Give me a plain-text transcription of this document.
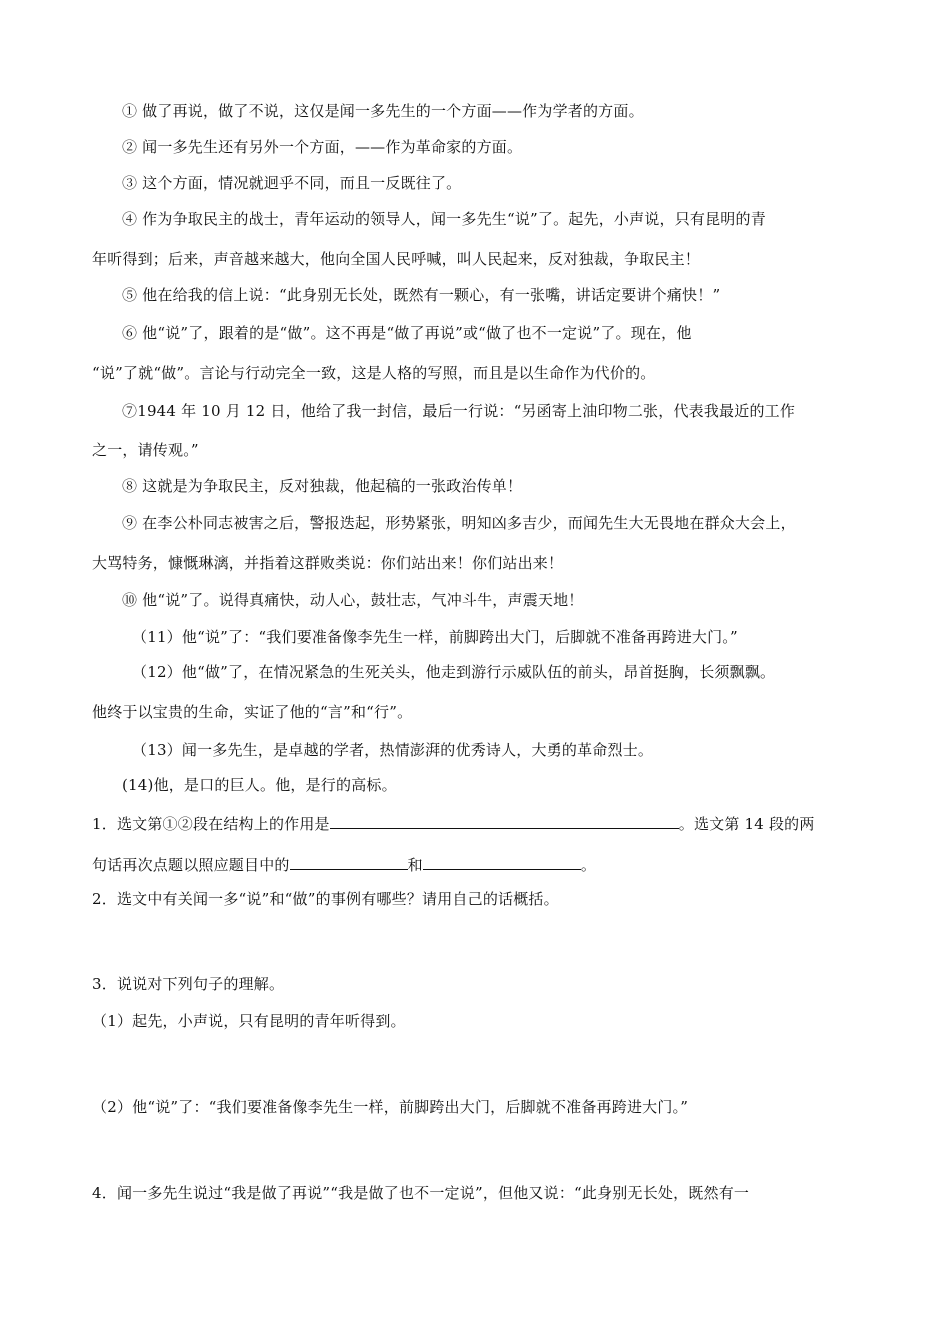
① 做了再说，做了不说，这仅是闻一多先生的一个方面——作为学者的方面。
② 闻一多先生还有另外一个方面，——作为革命家的方面。
③ 这个方面，情况就迥乎不同，而且一反既往了。
④ 作为争取民主的战士，青年运动的领导人，闻一多先生“说”了。起先，小声说，只有昆明的青
年听得到；后来，声音越来越大，他向全国人民呼喊，叫人民起来，反对独裁，争取民主！
⑤ 他在给我的信上说：“此身别无长处，既然有一颗心，有一张嘴，讲话定要讲个痛快！”
⑥ 他“说”了，跟着的是“做”。这不再是“做了再说”或“做了也不一定说”了。现在，他
“说”了就“做”。言论与行动完全一致，这是人格的写照，而且是以生命作为代价的。
⑦1944 年 10 月 12 日，他给了我一封信，最后一行说：“另函寄上油印物二张，代表我最近的工作
之一，请传观。”
⑧ 这就是为争取民主，反对独裁，他起稿的一张政治传单！
⑨ 在李公朴同志被害之后，警报迭起，形势紧张，明知凶多吉少，而闻先生大无畏地在群众大会上，
大骂特务，慷慨琳漓，并指着这群败类说：你们站出来！你们站出来！
⑩ 他“说”了。说得真痛快，动人心，鼓壮志，气冲斗牛，声震天地！
（11）他“说”了：“我们要准备像李先生一样，前脚跨出大门，后脚就不准备再跨进大门。”
（12）他“做”了，在情况紧急的生死关头，他走到游行示威队伍的前头，昂首挺胸，长须飘飘。
他终于以宝贵的生命，实证了他的“言”和“行”。
（13）闻一多先生，是卓越的学者，热情澎湃的优秀诗人，大勇的革命烈士。
(14)他，是口的巨人。他，是行的高标。
1．选文第①②段在结构上的作用是	。选文第 14 段的两
句话再次点题以照应题目中的	和	。
2．选文中有关闻一多“说”和“做”的事例有哪些？请用自己的话概括。
3．说说对下列句子的理解。
（1）起先，小声说，只有昆明的青年听得到。
（2）他“说”了：“我们要准备像李先生一样，前脚跨出大门，后脚就不准备再跨进大门。”
4．闻一多先生说过“我是做了再说”“我是做了也不一定说”，但他又说：“此身别无长处，既然有一
